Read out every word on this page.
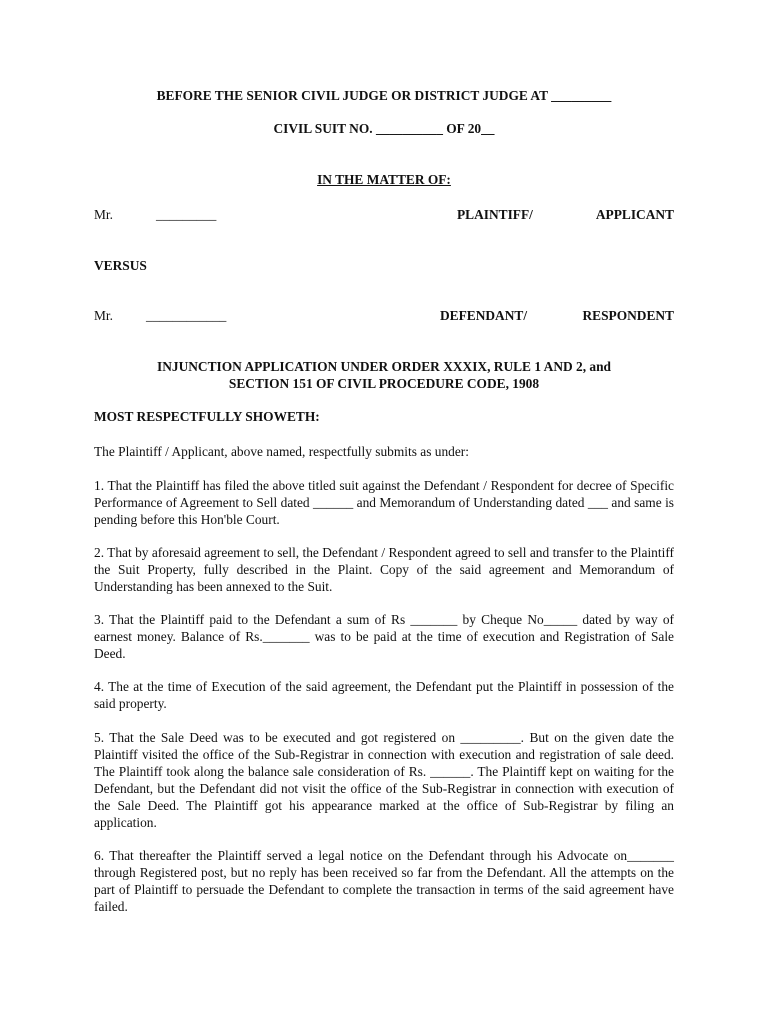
BEFORE THE SENIOR CIVIL JUDGE OR DISTRICT JUDGE AT _________
CIVIL SUIT NO. __________ OF 20__
IN THE MATTER OF:
Mr.	_________	PLAINTIFF/	APPLICANT
VERSUS
Mr. ____________	DEFENDANT/	RESPONDENT
INJUNCTION APPLICATION UNDER ORDER XXXIX, RULE 1 AND 2, and
SECTION 151 OF CIVIL PROCEDURE CODE, 1908
MOST RESPECTFULLY SHOWETH:
The Plaintiff / Applicant, above named, respectfully submits as under:
1. That the Plaintiff has filed the above titled suit against the Defendant / Respondent for decree of Specific Performance of Agreement to Sell dated ______ and Memorandum of Understanding dated ___ and same is pending before this Hon'ble Court.
2. That by aforesaid agreement to sell, the Defendant / Respondent agreed to sell and transfer to the Plaintiff the Suit Property, fully described in the Plaint. Copy of the said agreement and Memorandum of Understanding has been annexed to the Suit.
3. That the Plaintiff paid to the Defendant a sum of Rs _______ by Cheque No_____ dated by way of earnest money. Balance of Rs._______ was to be paid at the time of execution and Registration of Sale Deed.
4. The at the time of Execution of the said agreement, the Defendant put the Plaintiff in possession of the said property.
5. That the Sale Deed was to be executed and got registered on _________. But on the given date the Plaintiff visited the office of the Sub-Registrar in connection with execution and registration of sale deed. The Plaintiff took along the balance sale consideration of Rs. ______. The Plaintiff kept on waiting for the Defendant, but the Defendant did not visit the office of the Sub-Registrar in connection with execution of the Sale Deed. The Plaintiff got his appearance marked at the office of Sub-Registrar by filing an application.
6. That thereafter the Plaintiff served a legal notice on the Defendant through his Advocate on_______ through Registered post, but no reply has been received so far from the Defendant. All the attempts on the part of Plaintiff to persuade the Defendant to complete the transaction in terms of the said agreement have failed.
